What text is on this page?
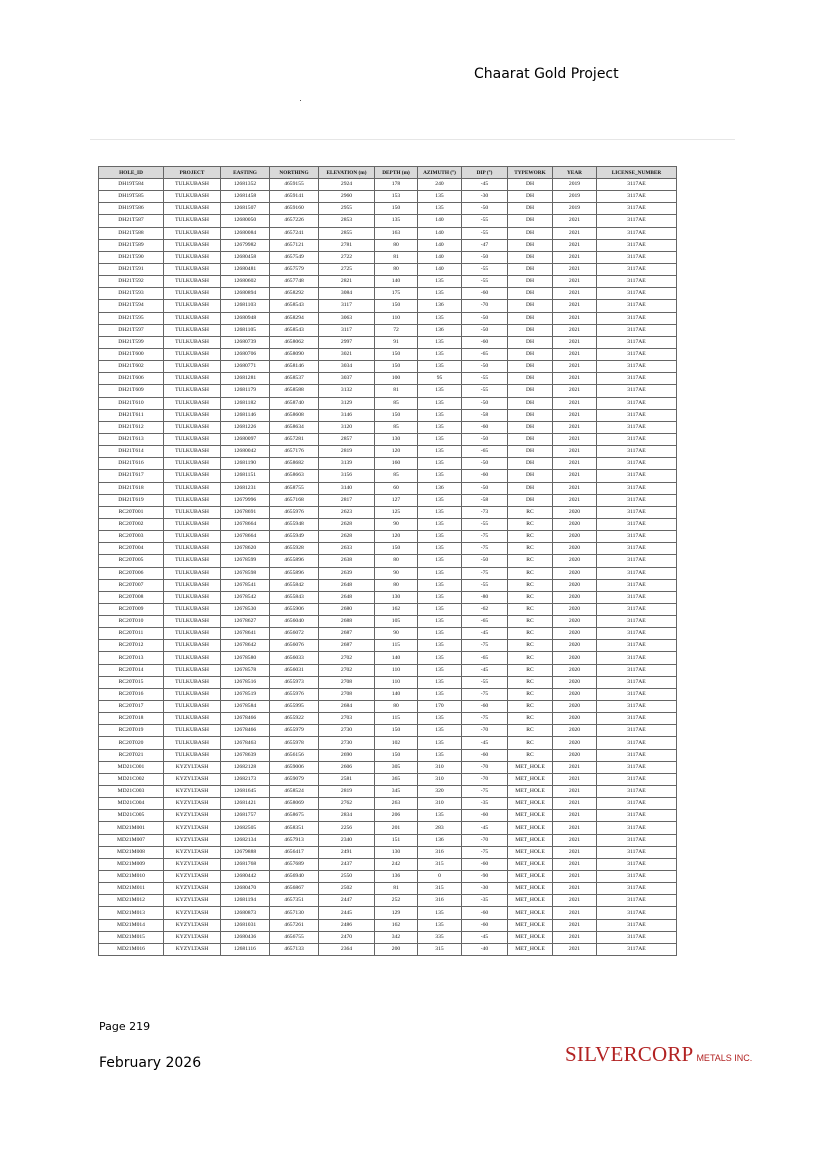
Chaarat Gold Project
HOLE_ID	PROJECT	EASTING	NORTHING	ELEVATION (m)	DEPTH (m)	AZIMUTH (°)	DIP (°)	TYPEWORK	YEAR	LICENSE_NUMBER
DH19T584	TULKUBASH	12681352	4659155	2924	178	240	-45	DH	2019	3117AE
DH19T585	TULKUBASH	12681458	4659141	2960	153	135	-30	DH	2019	3117AE
DH19T586	TULKUBASH	12681507	4659160	2955	150	135	-50	DH	2019	3117AE
DH21T587	TULKUBASH	12680050	4657226	2853	135	140	-55	DH	2021	3117AE
DH21T588	TULKUBASH	12680084	4657241	2855	163	140	-55	DH	2021	3117AE
DH21T589	TULKUBASH	12679982	4657121	2781	80	140	-47	DH	2021	3117AE
DH21T590	TULKUBASH	12680458	4657549	2722	81	140	-50	DH	2021	3117AE
DH21T591	TULKUBASH	12680481	4657579	2725	80	140	-55	DH	2021	3117AE
DH21T592	TULKUBASH	12680602	4657748	2821	140	135	-55	DH	2021	3117AE
DH21T593	TULKUBASH	12680894	4658292	3084	175	135	-60	DH	2021	3117AE
DH21T594	TULKUBASH	12681103	4658543	3117	150	136	-70	DH	2021	3117AE
DH21T595	TULKUBASH	12680948	4658294	3063	110	135	-50	DH	2021	3117AE
DH21T597	TULKUBASH	12681105	4658543	3117	72	136	-50	DH	2021	3117AE
DH21T599	TULKUBASH	12680739	4658062	2997	91	135	-60	DH	2021	3117AE
DH21T600	TULKUBASH	12680706	4658090	3021	150	135	-65	DH	2021	3117AE
DH21T602	TULKUBASH	12680771	4658146	3034	150	135	-50	DH	2021	3117AE
DH21T606	TULKUBASH	12681281	4658537	3037	100	95	-55	DH	2021	3117AE
DH21T609	TULKUBASH	12681179	4658588	3132	81	135	-55	DH	2021	3117AE
DH21T610	TULKUBASH	12681182	4658740	3129	85	135	-50	DH	2021	3117AE
DH21T611	TULKUBASH	12681146	4658608	3146	150	135	-58	DH	2021	3117AE
DH21T612	TULKUBASH	12681226	4658634	3120	85	135	-60	DH	2021	3117AE
DH21T613	TULKUBASH	12680097	4657281	2857	130	135	-50	DH	2021	3117AE
DH21T614	TULKUBASH	12680042	4657176	2819	120	135	-65	DH	2021	3117AE
DH21T616	TULKUBASH	12681190	4658682	3139	160	135	-50	DH	2021	3117AE
DH21T617	TULKUBASH	12681151	4658663	3156	85	135	-60	DH	2021	3117AE
DH21T618	TULKUBASH	12681231	4658755	3140	60	136	-50	DH	2021	3117AE
DH21T619	TULKUBASH	12679996	4657168	2817	127	135	-58	DH	2021	3117AE
RC20T001	TULKUBASH	12678691	4655976	2623	125	135	-73	RC	2020	3117AE
RC20T002	TULKUBASH	12678664	4655948	2628	90	135	-55	RC	2020	3117AE
RC20T003	TULKUBASH	12678664	4655949	2628	120	135	-75	RC	2020	3117AE
RC20T004	TULKUBASH	12678620	4655928	2633	150	135	-75	RC	2020	3117AE
RC20T005	TULKUBASH	12678599	4655896	2638	80	135	-50	RC	2020	3117AE
RC20T006	TULKUBASH	12678598	4655896	2639	90	135	-75	RC	2020	3117AE
RC20T007	TULKUBASH	12678541	4655842	2648	80	135	-55	RC	2020	3117AE
RC20T008	TULKUBASH	12678542	4655843	2648	130	135	-80	RC	2020	3117AE
RC20T009	TULKUBASH	12678530	4655906	2680	162	135	-62	RC	2020	3117AE
RC20T010	TULKUBASH	12678627	4656040	2688	105	135	-65	RC	2020	3117AE
RC20T011	TULKUBASH	12678641	4656072	2687	90	135	-45	RC	2020	3117AE
RC20T012	TULKUBASH	12678642	4656076	2687	115	135	-75	RC	2020	3117AE
RC20T013	TULKUBASH	12678580	4656033	2702	140	135	-65	RC	2020	3117AE
RC20T014	TULKUBASH	12678578	4656031	2702	110	135	-45	RC	2020	3117AE
RC20T015	TULKUBASH	12678516	4655973	2708	110	135	-55	RC	2020	3117AE
RC20T016	TULKUBASH	12678519	4655976	2708	140	135	-75	RC	2020	3117AE
RC20T017	TULKUBASH	12678584	4655995	2684	80	170	-60	RC	2020	3117AE
RC20T018	TULKUBASH	12678466	4655922	2703	115	135	-75	RC	2020	3117AE
RC20T019	TULKUBASH	12678466	4655979	2730	150	135	-70	RC	2020	3117AE
RC20T020	TULKUBASH	12678463	4655978	2730	102	135	-45	RC	2020	3117AE
RC20T021	TULKUBASH	12678639	4656156	2690	150	135	-60	RC	2020	3117AE
MD21C001	KYZYLTASH	12682128	4659006	2606	305	310	-70	MET_HOLE	2021	3117AE
MD21C002	KYZYLTASH	12682173	4659079	2581	365	310	-70	MET_HOLE	2021	3117AE
MD21C003	KYZYLTASH	12681645	4658524	2819	345	320	-75	MET_HOLE	2021	3117AE
MD21C004	KYZYLTASH	12681421	4658069	2762	263	310	-35	MET_HOLE	2021	3117AE
MD21C005	KYZYLTASH	12681757	4658675	2834	206	135	-60	MET_HOLE	2021	3117AE
MD21M001	KYZYLTASH	12682505	4658351	2256	201	283	-45	MET_HOLE	2021	3117AE
MD21M007	KYZYLTASH	12682134	4657913	2340	151	136	-70	MET_HOLE	2021	3117AE
MD21M008	KYZYLTASH	12679888	4656417	2491	130	316	-75	MET_HOLE	2021	3117AE
MD21M009	KYZYLTASH	12681768	4657689	2437	242	315	-60	MET_HOLE	2021	3117AE
MD21M010	KYZYLTASH	12680442	4656940	2550	136	0	-90	MET_HOLE	2021	3117AE
MD21M011	KYZYLTASH	12680470	4656867	2502	81	315	-30	MET_HOLE	2021	3117AE
MD21M012	KYZYLTASH	12681194	4657351	2447	252	316	-35	MET_HOLE	2021	3117AE
MD21M013	KYZYLTASH	12680873	4657130	2445	129	135	-60	MET_HOLE	2021	3117AE
MD21M014	KYZYLTASH	12681031	4657261	2486	162	135	-60	MET_HOLE	2021	3117AE
MD21M015	KYZYLTASH	12680436	4656755	2470	342	335	-45	MET_HOLE	2021	3117AE
MD21M016	KYZYLTASH	12681116	4657133	2364	200	315	-40	MET_HOLE	2021	3117AE
Page 219
February 2026	SILVERCORP METALS INC.
